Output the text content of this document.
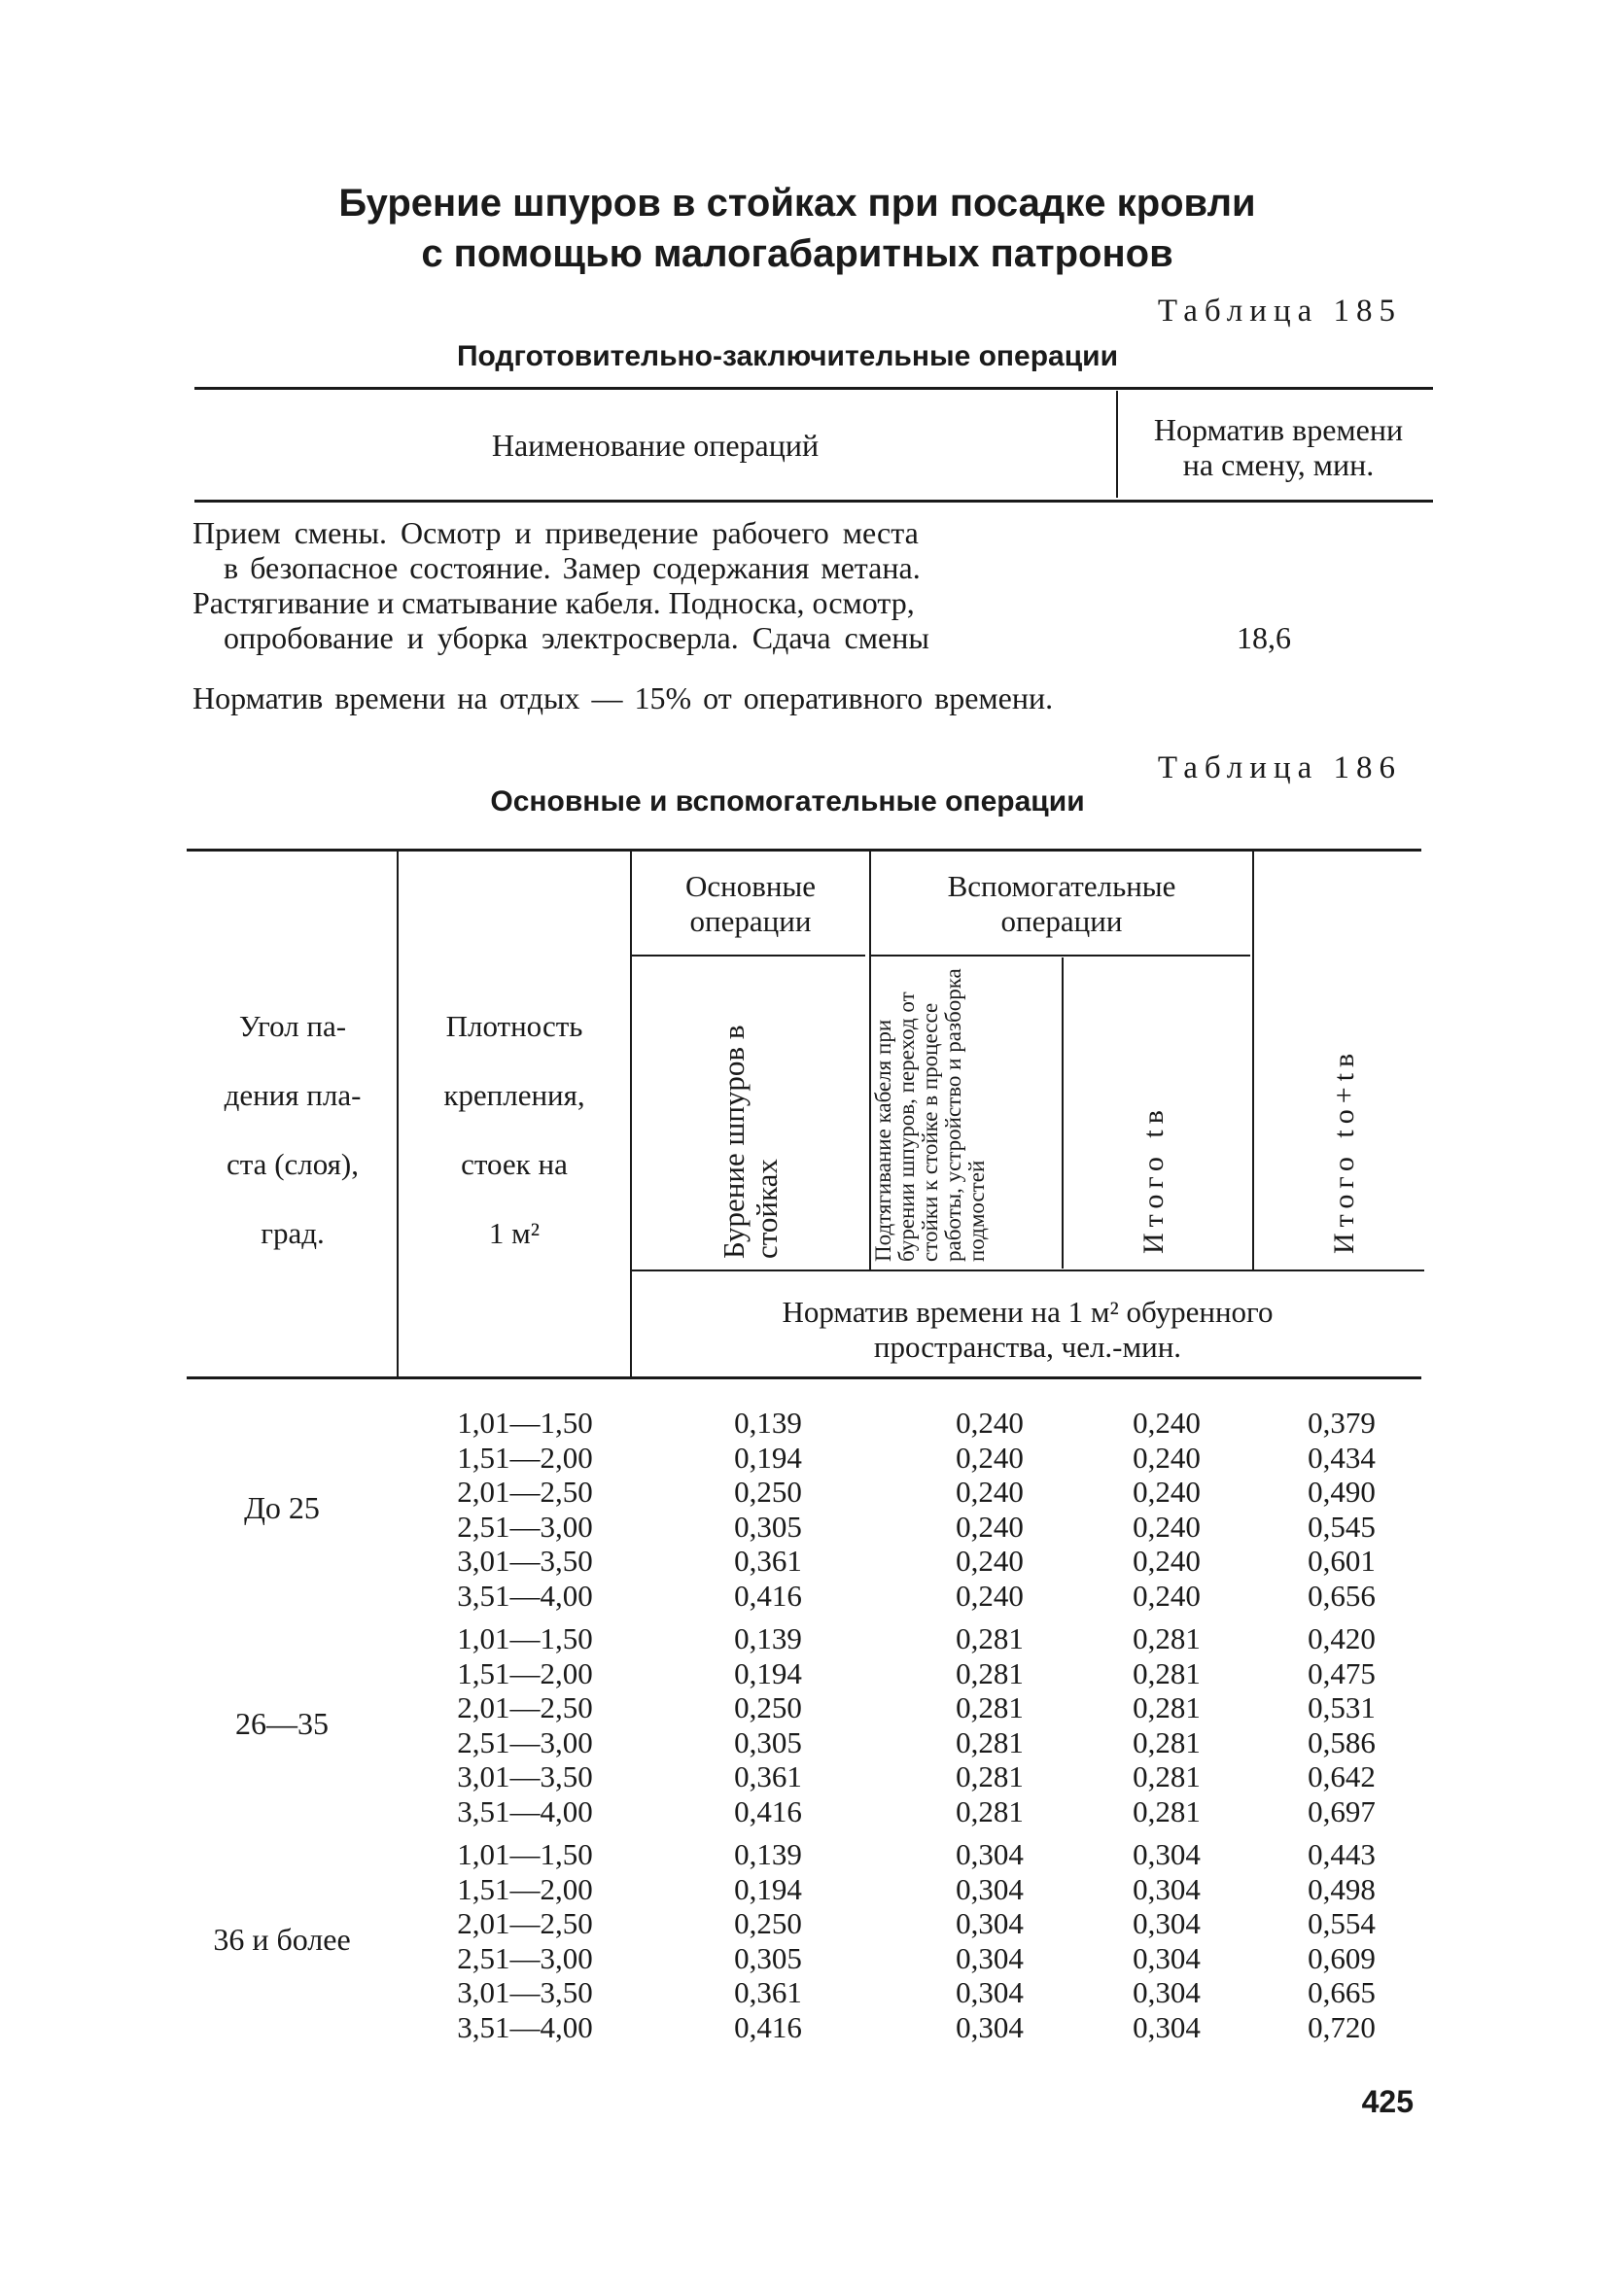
Бурение шпуров в стойках при посадке кровли
с помощью малогабаритных патронов
Таблица 185
Подготовительно-заключительные операции
Наименование операций	Норматив времени
на смену, мин.
Прием смены. Осмотр и приведение рабочего места
в безопасное состояние. Замер содержания метана.
Растягивание и сматывание кабеля. Подноска, осмотр,
опробование и уборка электросверла. Сдача смены	18,6
Норматив времени на отдых — 15% от оперативного времени.
Таблица 186
Основные и вспомогательные операции
Угол па-
дения пла-
ста (слоя),
град.
Плотность
крепления,
стоек на
1 м²
Основные
операции
Вспомогательные
операции
Бурение шпуров в стойках	Подтягивание кабеля при бурении шпуров, переход от стойки к стойке в процессе работы, устройство и разборка подмостей	Итого tв	Итого tо+tв
Норматив времени на 1 м² обуренного
пространства, чел.-мин.
До 25
1,01—1,50	0,139	0,240	0,240	0,379
1,51—2,00	0,194	0,240	0,240	0,434
2,01—2,50	0,250	0,240	0,240	0,490
2,51—3,00	0,305	0,240	0,240	0,545
3,01—3,50	0,361	0,240	0,240	0,601
3,51—4,00	0,416	0,240	0,240	0,656
26—35
1,01—1,50	0,139	0,281	0,281	0,420
1,51—2,00	0,194	0,281	0,281	0,475
2,01—2,50	0,250	0,281	0,281	0,531
2,51—3,00	0,305	0,281	0,281	0,586
3,01—3,50	0,361	0,281	0,281	0,642
3,51—4,00	0,416	0,281	0,281	0,697
36 и более
1,01—1,50	0,139	0,304	0,304	0,443
1,51—2,00	0,194	0,304	0,304	0,498
2,01—2,50	0,250	0,304	0,304	0,554
2,51—3,00	0,305	0,304	0,304	0,609
3,01—3,50	0,361	0,304	0,304	0,665
3,51—4,00	0,416	0,304	0,304	0,720
425
